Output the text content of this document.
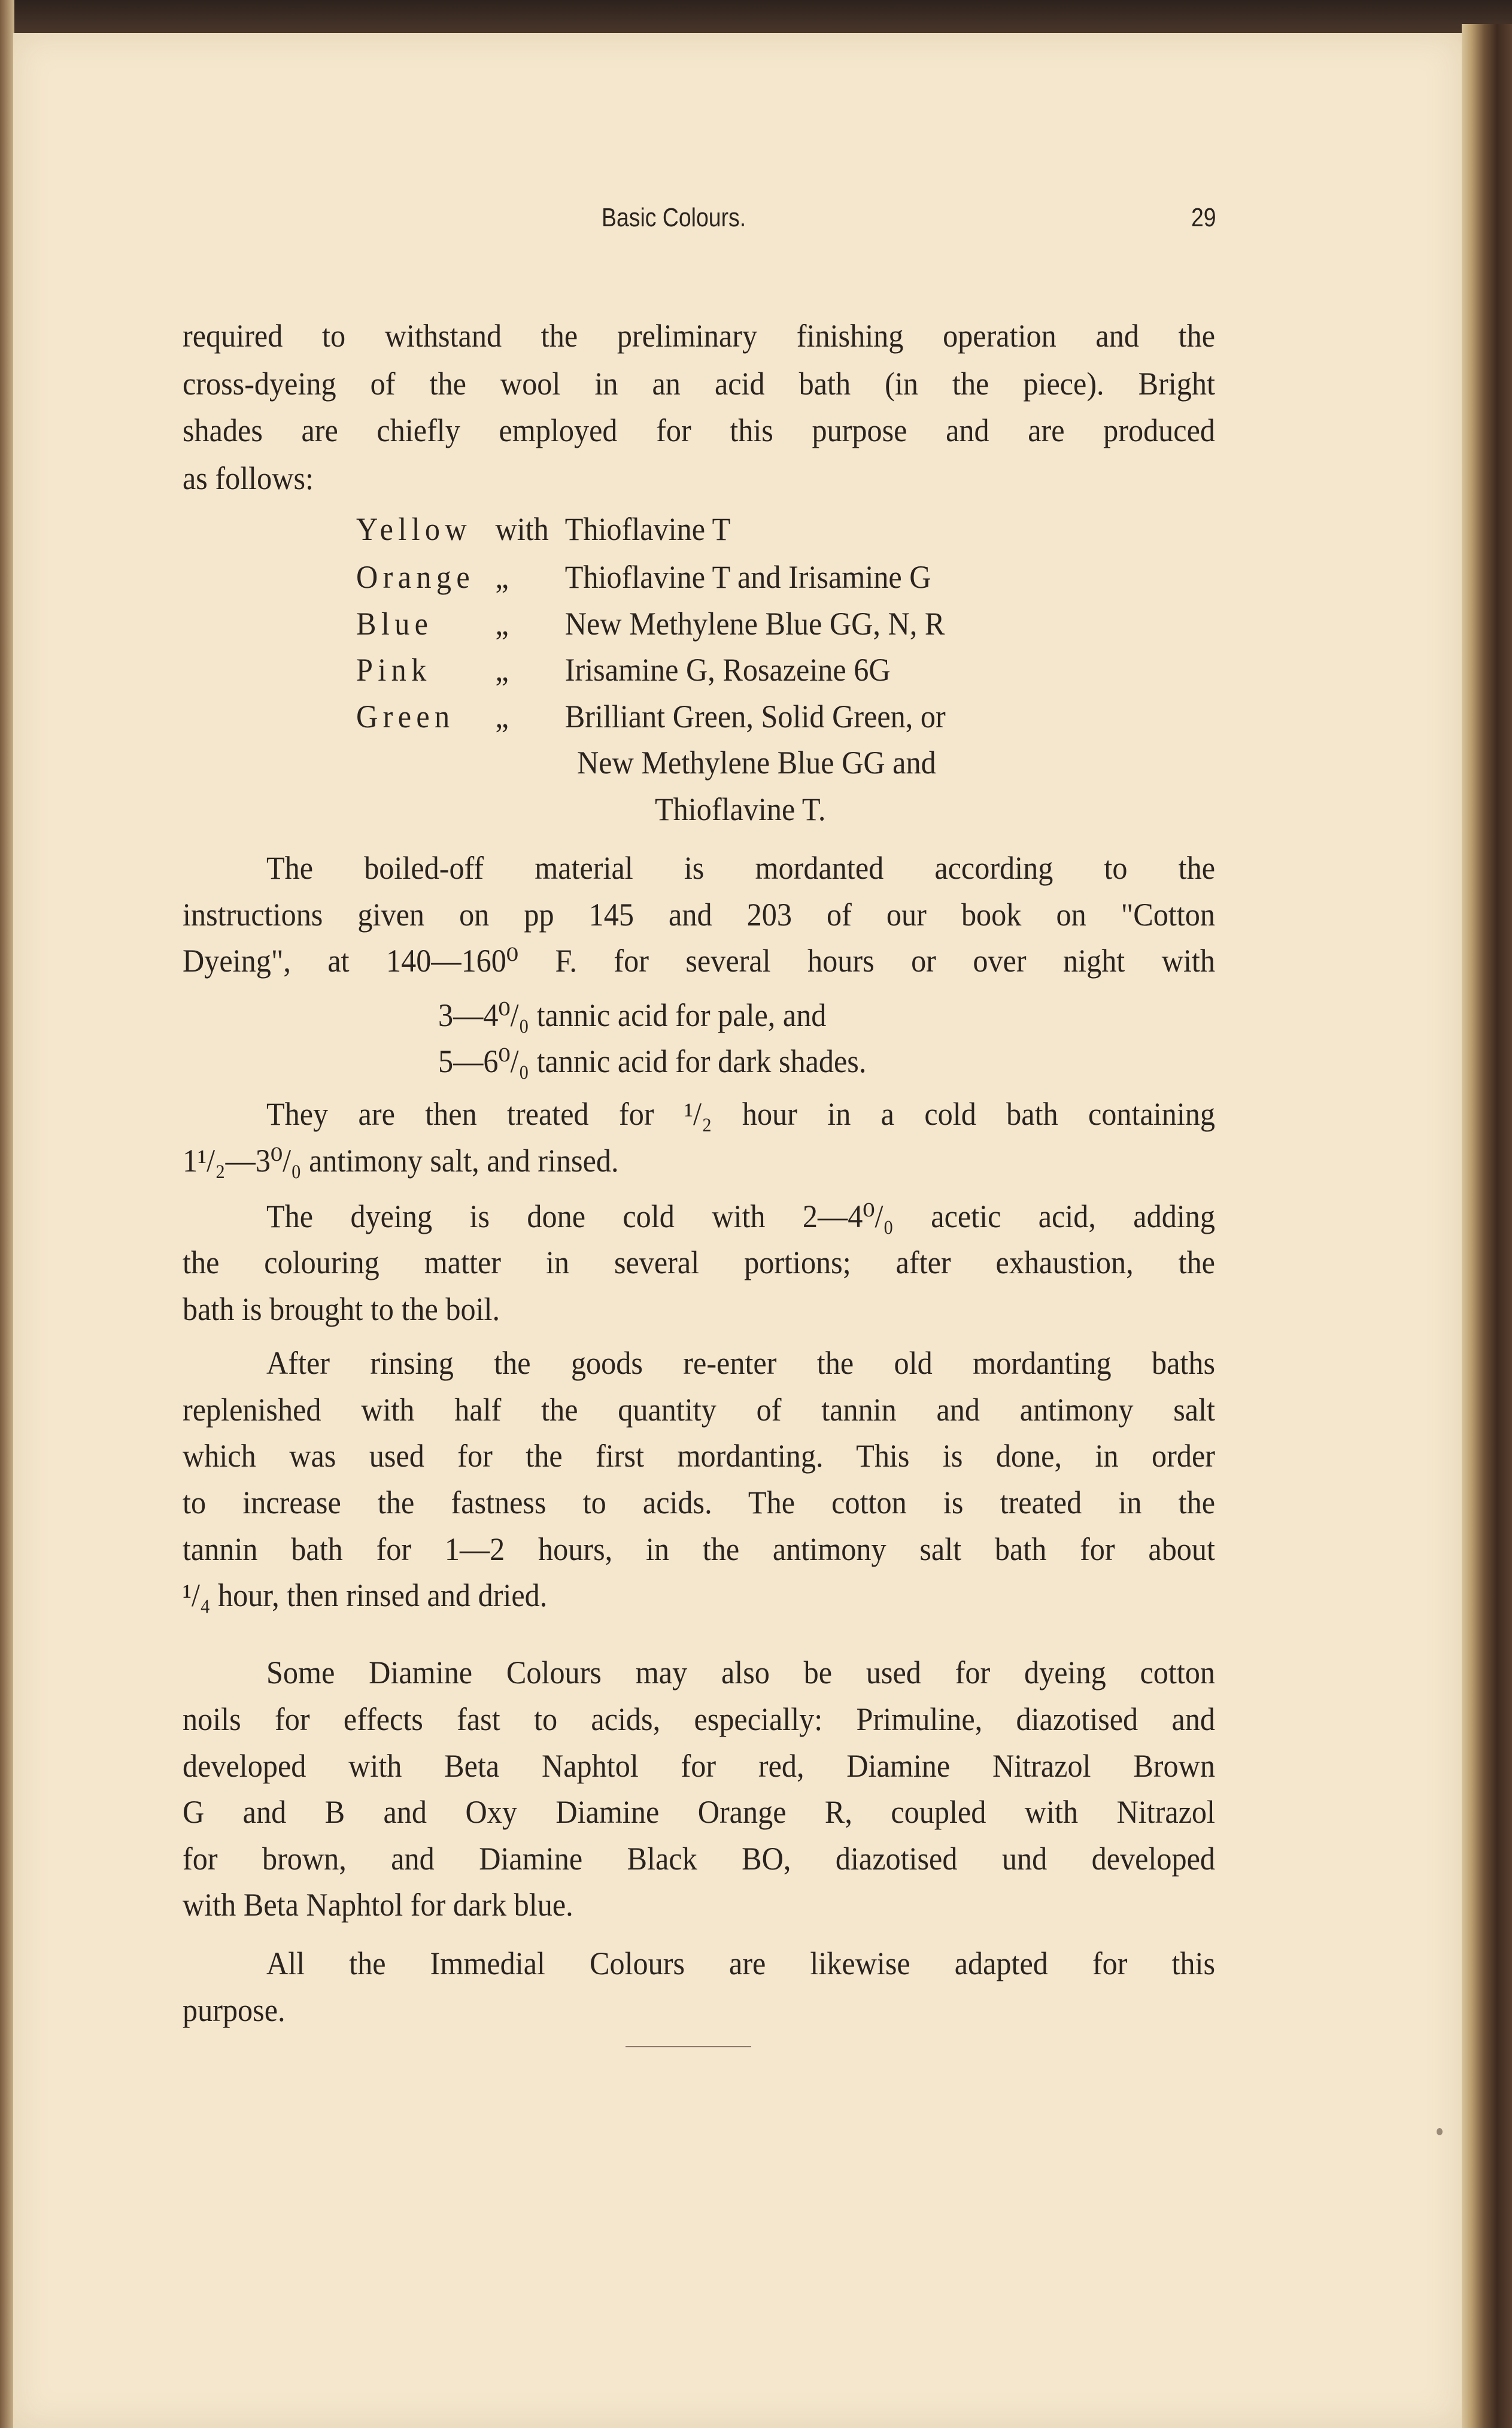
Basic Colours.	29
required to withstand the preliminary finishing operation and the
cross-dyeing of the wool in an acid bath (in the piece). Bright
shades are chiefly employed for this purpose and are produced
as follows:
Yellow with Thioflavine T
Orange „ Thioflavine T and Irisamine G
Blue „ New Methylene Blue GG, N, R
Pink „ Irisamine G, Rosazeine 6G
Green „ Brilliant Green, Solid Green, or
New Methylene Blue GG and
Thioflavine T.
The boiled-off material is mordanted according to the
instructions given on pp 145 and 203 of our book on "Cotton
Dyeing", at 140—160⁰ F. for several hours or over night with
3—4⁰/₀ tannic acid for pale, and
5—6⁰/₀ tannic acid for dark shades.
They are then treated for ¹/₂ hour in a cold bath containing
1¹/₂—3⁰/₀ antimony salt, and rinsed.
The dyeing is done cold with 2—4⁰/₀ acetic acid, adding
the colouring matter in several portions; after exhaustion, the
bath is brought to the boil.
After rinsing the goods re-enter the old mordanting baths
replenished with half the quantity of tannin and antimony salt
which was used for the first mordanting. This is done, in order
to increase the fastness to acids. The cotton is treated in the
tannin bath for 1—2 hours, in the antimony salt bath for about
¹/₄ hour, then rinsed and dried.
Some Diamine Colours may also be used for dyeing cotton
noils for effects fast to acids, especially: Primuline, diazotised and
developed with Beta Naphtol for red, Diamine Nitrazol Brown
G and B and Oxy Diamine Orange R, coupled with Nitrazol
for brown, and Diamine Black BO, diazotised und developed
with Beta Naphtol for dark blue.
All the Immedial Colours are likewise adapted for this
purpose.
